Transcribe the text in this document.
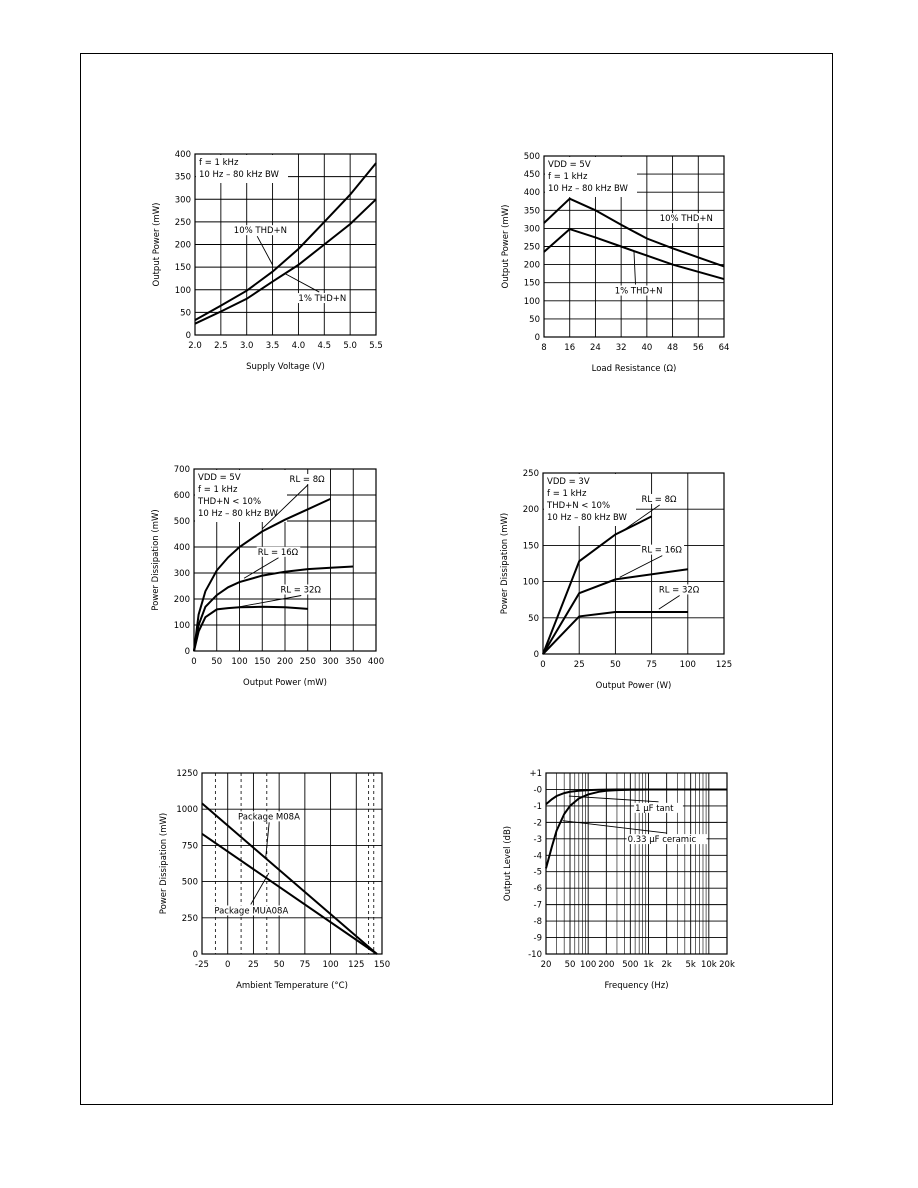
2.0 2.5 3.0 3.5 4.0 4.5 5.0 5.5
0
50
100
150
200
250
300
350
400
Supply Voltage (V)
Output Power (mW)
f = 1 kHz
10 Hz – 80 kHz BW
10% THD+N
1% THD+N
8 16 24 32 40 48 56 64
0
50
100
150
200
250
300
350
400
450
500
Load Resistance (Ω)
Output Power (mW)
VDD = 5V
f = 1 kHz
10 Hz – 80 kHz BW
10% THD+N
1% THD+N
0 50 100 150 200 250 300 350 400
0
100
200
300
400
500
600
700
Output Power (mW)
Power Dissipation (mW)
VDD = 5V
f = 1 kHz
THD+N < 10%
10 Hz – 80 kHz BW
RL = 8Ω
RL = 16Ω
RL = 32Ω
0	25	50	75	100 125
0
50
100
150
200
250
Output Power (W)
Power Dissipation (mW)
VDD = 3V
f = 1 kHz
THD+N < 10%
10 Hz – 80 kHz BW
RL = 8Ω
RL = 16Ω
RL = 32Ω
-25 0 25 50 75 100 125 150
0
250
500
750
1000
1250
Ambient Temperature (°C)
Power Dissipation (mW)	Package M08A
Package MUA08A
20 50 100 200 500 1k 2k 5k 10k 20k
+1
-0
-1
-2
-3
-4
-5
-6
-7
-8
-9
-10
Frequency (Hz)
Output Level (dB)
1 μF tant
0.33 μF ceramic
